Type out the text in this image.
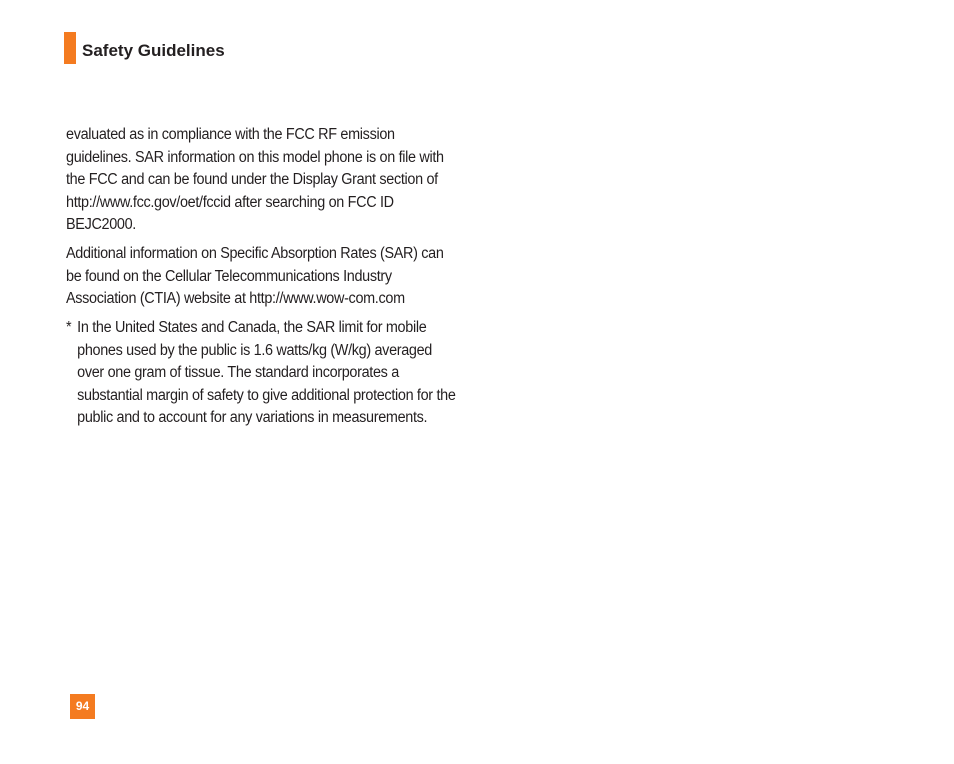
Safety Guidelines

evaluated as in compliance with the FCC RF emission guidelines. SAR information on this model phone is on file with the FCC and can be found under the Display Grant section of http://www.fcc.gov/oet/fccid after searching on FCC ID BEJC2000.

Additional information on Specific Absorption Rates (SAR) can be found on the Cellular Telecommunications Industry Association (CTIA) website at http://www.wow-com.com

* In the United States and Canada, the SAR limit for mobile phones used by the public is 1.6 watts/kg (W/kg) averaged over one gram of tissue. The standard incorporates a substantial margin of safety to give additional protection for the public and to account for any variations in measurements.
94
